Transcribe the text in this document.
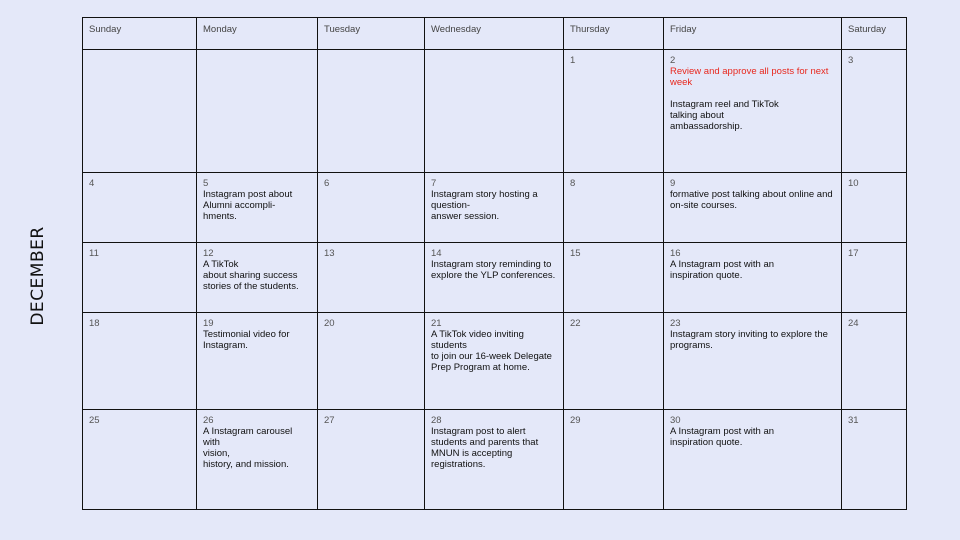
DECEMBER
Sunday	Monday	Tuesday	Wednesday	Thursday	Friday	Saturday

				1	2
Review and approve all posts for next week
Instagram reel and TikTok
talking about
ambassadorship.	3

4	5
Instagram post about
Alumni accompli-
hments.	6	7
Instagram story hosting a
question-
answer session.	8	9
formative post talking about online and
on-site courses.	10

11	12
A TikTok
about sharing success
stories of the students.	13	14
Instagram story reminding to
explore the YLP conferences.	15	16
A Instagram post with an
inspiration quote.	17

18	19
Testimonial video for
Instagram.	20	21
A TikTok video inviting
students
to join our 16-week Delegate
Prep Program at home.	22	23
Instagram story inviting to explore the
programs.	24

25	26
A Instagram carousel with
vision,
history, and mission.	27	28
Instagram post to alert
students and parents that
MNUN is accepting
registrations.	29	30
A Instagram post with an
inspiration quote.	31
